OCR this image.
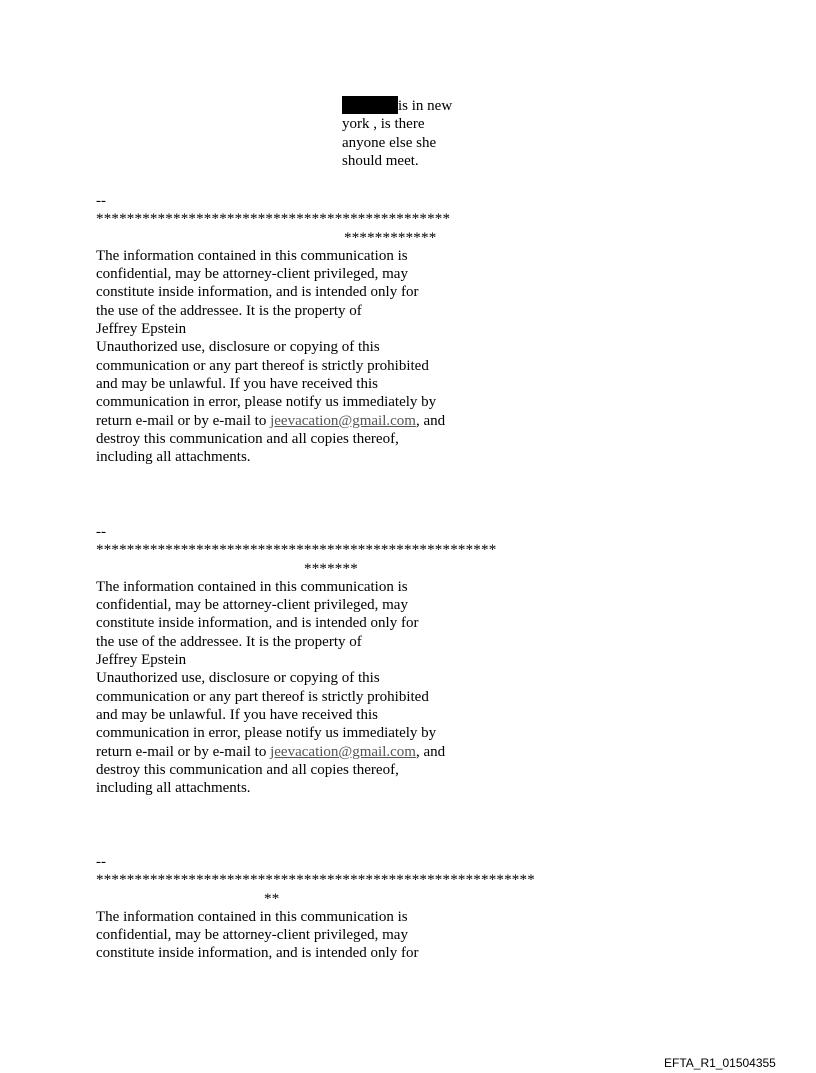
is in new
york , is there
anyone else she
should meet.
--
**********************************************
************
The information contained in this communication is
confidential, may be attorney-client privileged, may
constitute inside information, and is intended only for
the use of the addressee. It is the property of
Jeffrey Epstein
Unauthorized use, disclosure or copying of this
communication or any part thereof is strictly prohibited
and may be unlawful. If you have received this
communication in error, please notify us immediately by
return e-mail or by e-mail to jeevacation@gmail.com, and
destroy this communication and all copies thereof,
including all attachments.
--
****************************************************
*******
The information contained in this communication is
confidential, may be attorney-client privileged, may
constitute inside information, and is intended only for
the use of the addressee. It is the property of
Jeffrey Epstein
Unauthorized use, disclosure or copying of this
communication or any part thereof is strictly prohibited
and may be unlawful. If you have received this
communication in error, please notify us immediately by
return e-mail or by e-mail to jeevacation@gmail.com, and
destroy this communication and all copies thereof,
including all attachments.
--
*********************************************************
**
The information contained in this communication is
confidential, may be attorney-client privileged, may
constitute inside information, and is intended only for
EFTA_R1_01504355
